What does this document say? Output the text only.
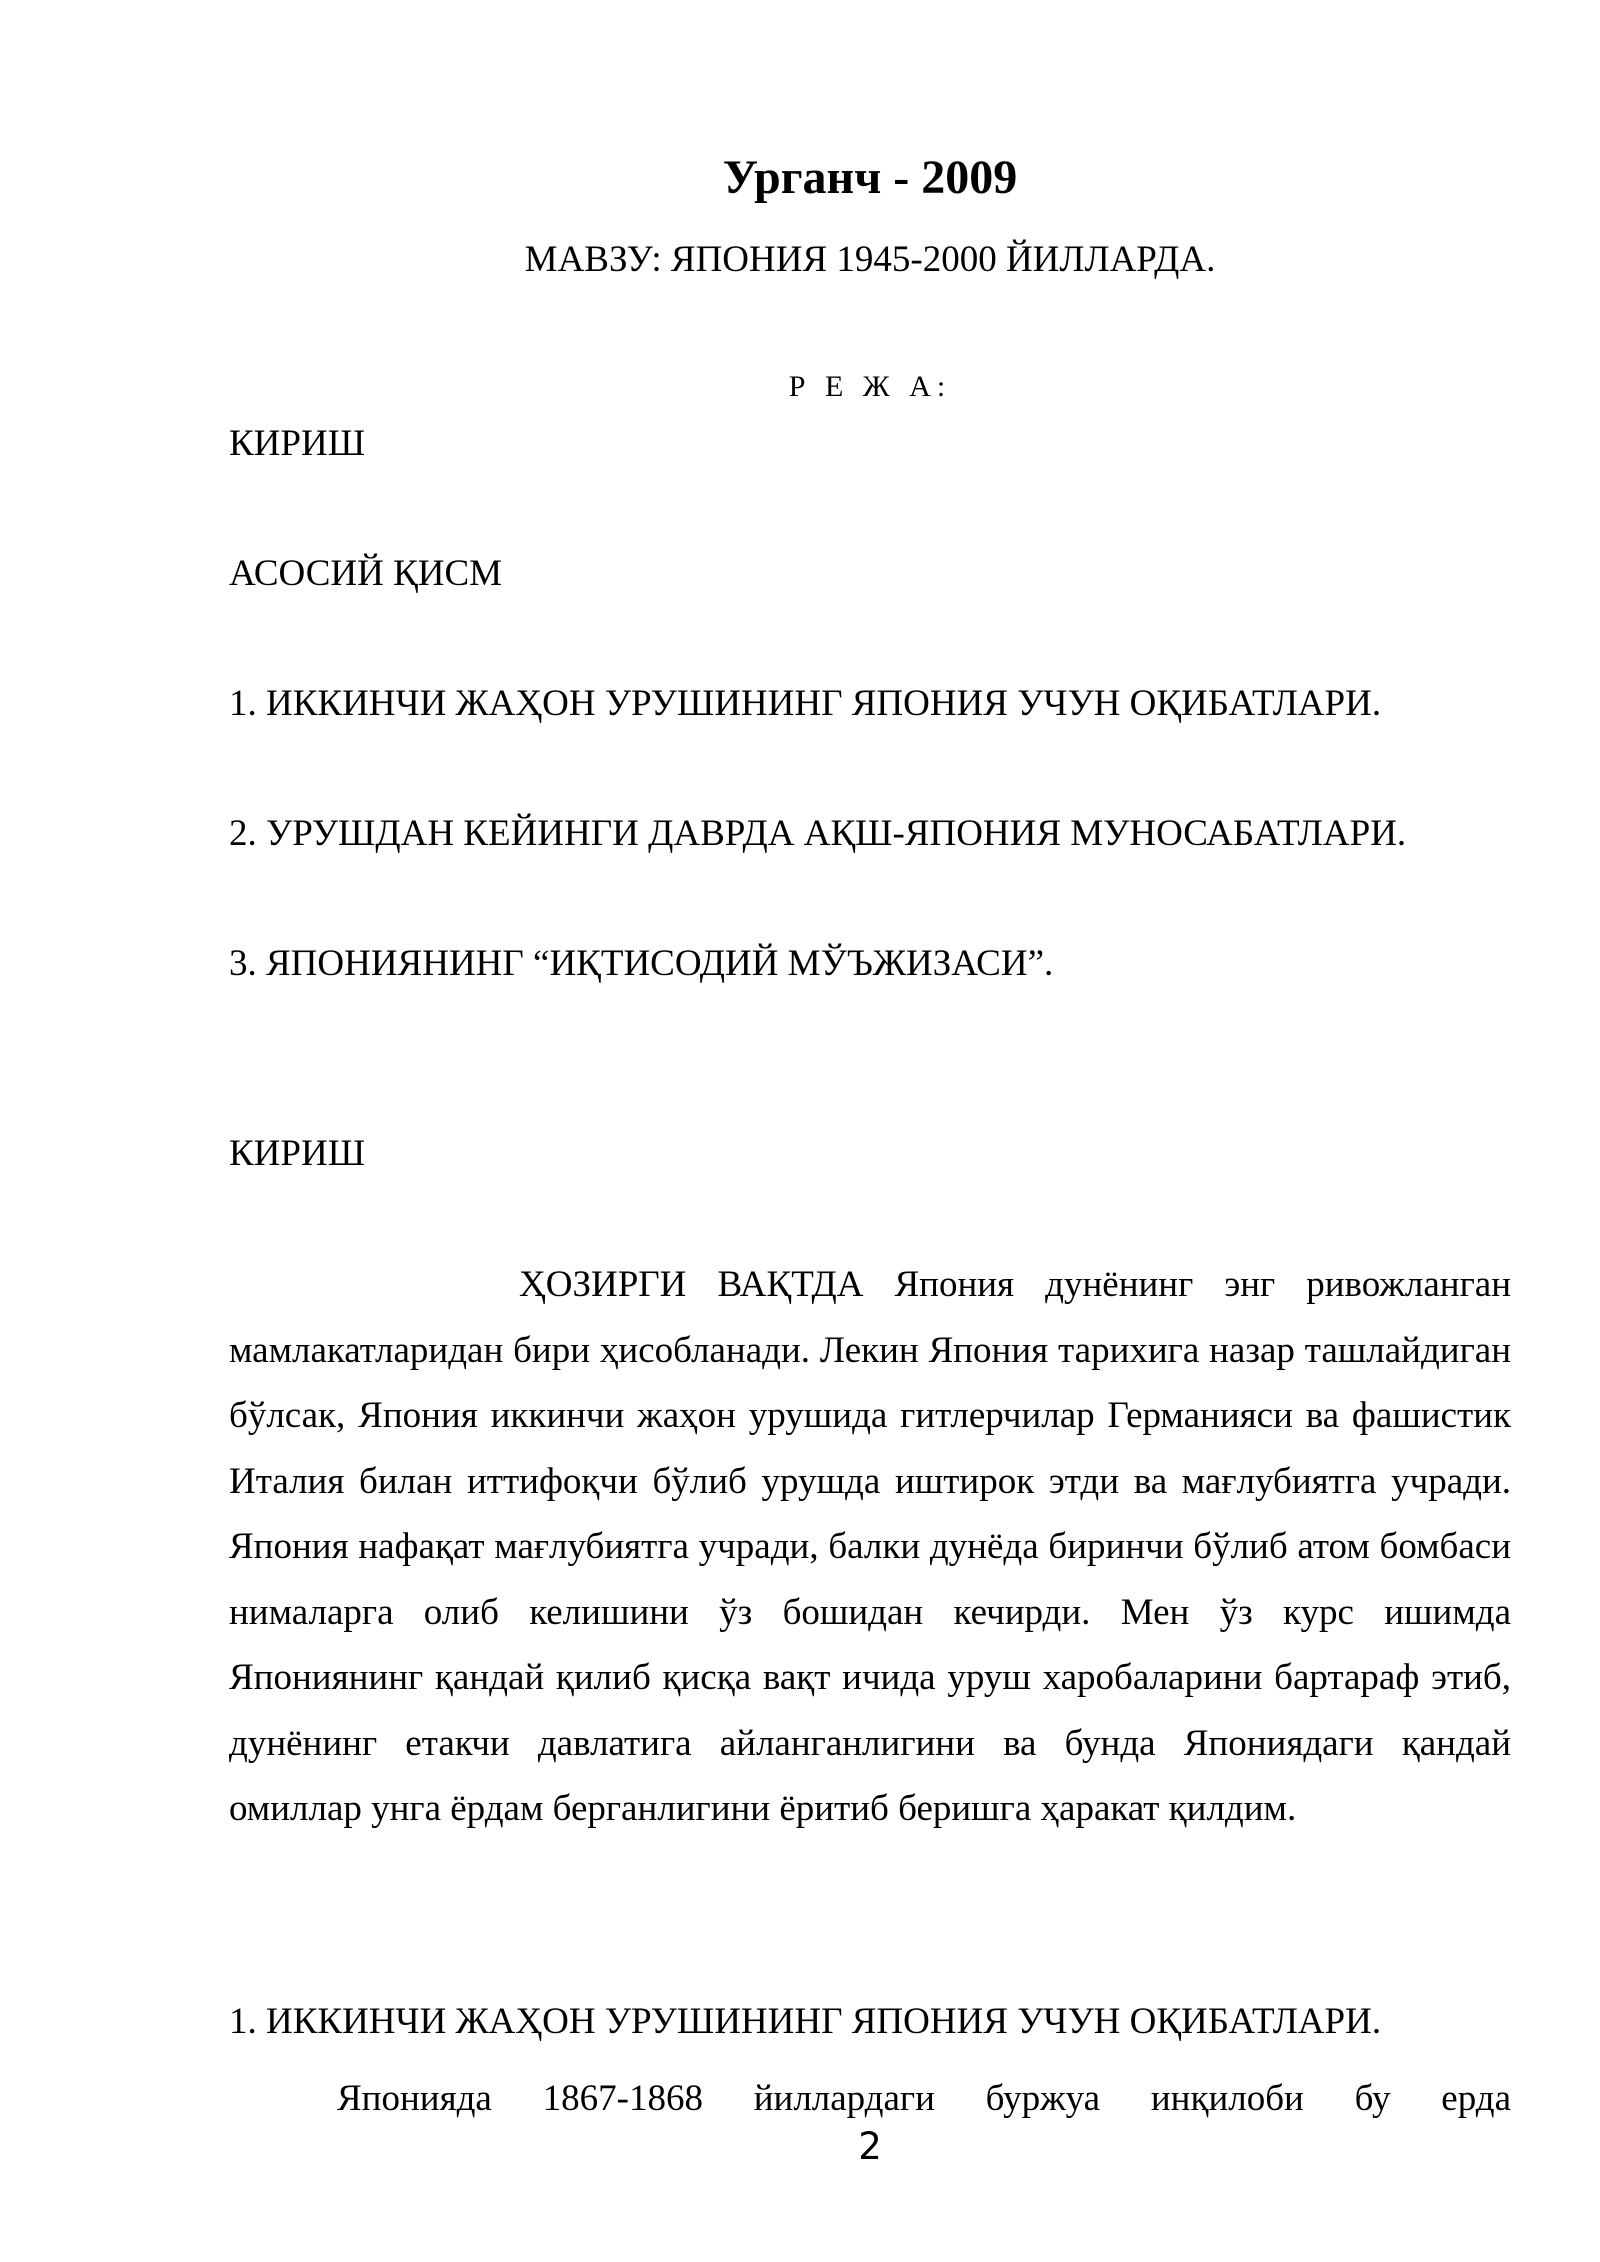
Урганч - 2009
МАВЗУ: ЯПОНИЯ 1945-2000 ЙИЛЛАРДА.
Р Е Ж А:
КИРИШ
АСОСИЙ ҚИСМ
1. ИККИНЧИ ЖАҲОН УРУШИНИНГ ЯПОНИЯ УЧУН ОҚИБАТЛАРИ.
2. УРУШДАН КЕЙИНГИ ДАВРДА АҚШ-ЯПОНИЯ МУНОСАБАТЛАРИ.
3. ЯПОНИЯНИНГ “ИҚТИСОДИЙ МЎЪЖИЗАСИ”.
КИРИШ
ҲОЗИРГИ ВАҚТДА Япония дунёнинг энг ривожланган мамлакатларидан бири ҳисобланади. Лекин Япония тарихига назар ташлайдиган бўлсак, Япония иккинчи жаҳон урушида гитлерчилар Германияси ва фашистик Италия билан иттифоқчи бўлиб урушда иштирок этди ва мағлубиятга учради. Япония нафақат мағлубиятга учради, балки дунёда биринчи бўлиб атом бомбаси нималарга олиб келишини ўз бошидан кечирди. Мен ўз курс ишимда Япониянинг қандай қилиб қисқа вақт ичида уруш харобаларини бартараф этиб, дунёнинг етакчи давлатига айланганлигини ва бунда Япониядаги қандай омиллар унга ёрдам берганлигини ёритиб беришга ҳаракат қилдим.
1. ИККИНЧИ ЖАҲОН УРУШИНИНГ ЯПОНИЯ УЧУН ОҚИБАТЛАРИ.
Японияда 1867-1868 йиллардаги буржуа инқилоби бу ерда
2
